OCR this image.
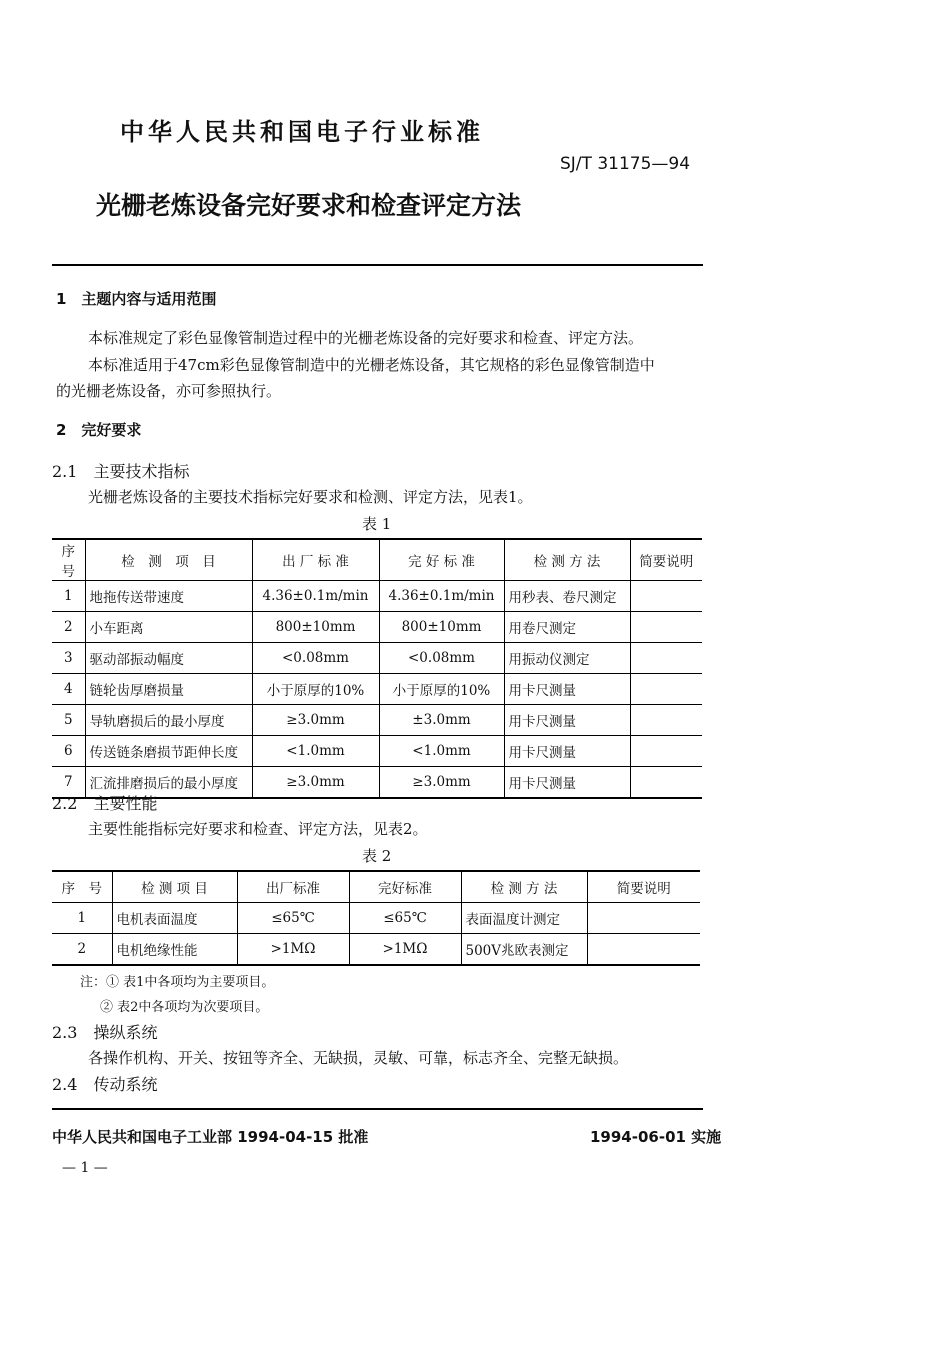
中华人民共和国电子行业标准
SJ/T 31175—94
光栅老炼设备完好要求和检查评定方法
1　主题内容与适用范围
本标准规定了彩色显像管制造过程中的光栅老炼设备的完好要求和检查、评定方法。
本标准适用于47cm彩色显像管制造中的光栅老炼设备，其它规格的彩色显像管制造中
的光栅老炼设备，亦可参照执行。
2　完好要求
2.1　主要技术指标
光栅老炼设备的主要技术指标完好要求和检测、评定方法，见表1。
表 1
序号	检　测　项　目	出 厂 标 准	完 好 标 准	检 测 方 法	简要说明
1	地拖传送带速度	4.36±0.1m/min	4.36±0.1m/min	用秒表、卷尺测定	
2	小车距离	800±10mm	800±10mm	用卷尺测定	
3	驱动部振动幅度	<0.08mm	<0.08mm	用振动仪测定	
4	链轮齿厚磨损量	小于原厚的10%	小于原厚的10%	用卡尺测量	
5	导轨磨损后的最小厚度	≥3.0mm	±3.0mm	用卡尺测量	
6	传送链条磨损节距伸长度	<1.0mm	<1.0mm	用卡尺测量	
7	汇流排磨损后的最小厚度	≥3.0mm	≥3.0mm	用卡尺测量	
2.2　主要性能
主要性能指标完好要求和检查、评定方法，见表2。
表 2
序　号	检 测 项 目	出厂标准	完好标准	检 测 方 法	简要说明
1	电机表面温度	≤65℃	≤65℃	表面温度计测定	
2	电机绝缘性能	>1MΩ	>1MΩ	500V兆欧表测定	
注：① 表1中各项均为主要项目。
② 表2中各项均为次要项目。
2.3　操纵系统
各操作机构、开关、按钮等齐全、无缺损，灵敏、可靠，标志齐全、完整无缺损。
2.4　传动系统
中华人民共和国电子工业部 1994-04-15 批准	1994-06-01 实施
— 1 —
